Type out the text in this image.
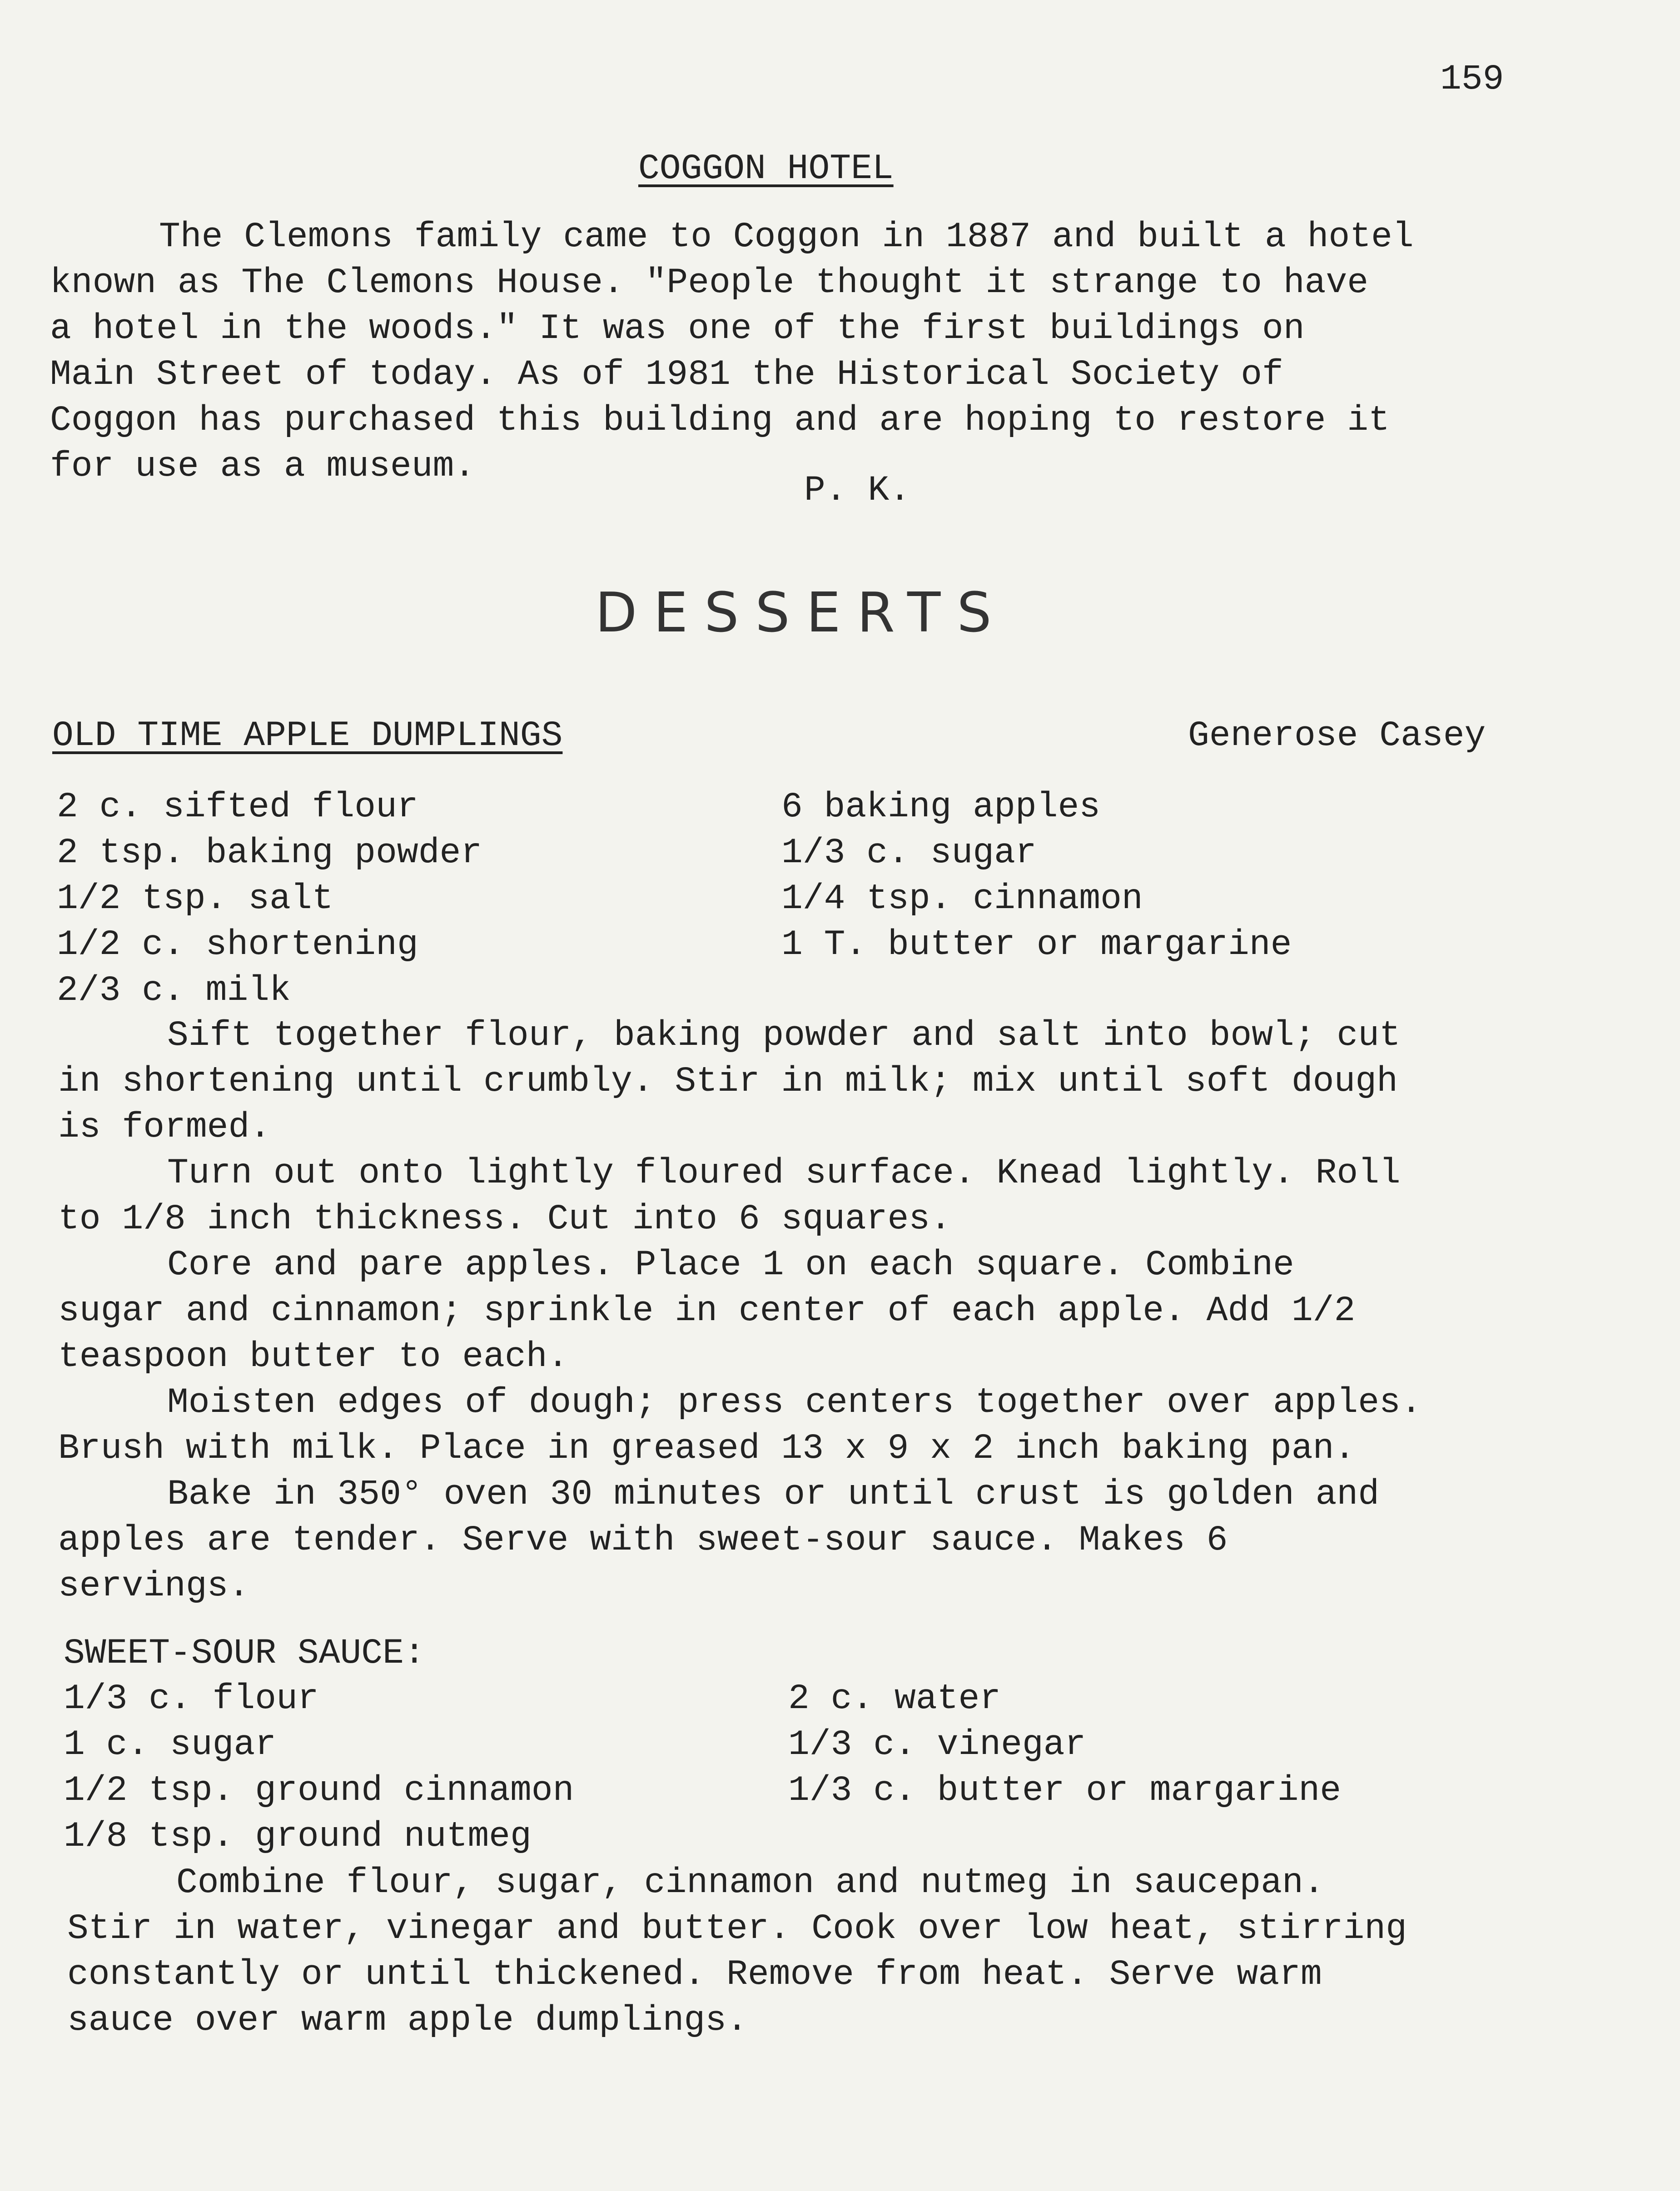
159
COGGON HOTEL
The Clemons family came to Coggon in 1887 and built a hotel
known as The Clemons House. "People thought it strange to have
a hotel in the woods." It was one of the first buildings on
Main Street of today. As of 1981 the Historical Society of
Coggon has purchased this building and are hoping to restore it
for use as a museum.
P. K.
DESSERTS
OLD TIME APPLE DUMPLINGS	Generose Casey
2 c. sifted flour
2 tsp. baking powder
1/2 tsp. salt
1/2 c. shortening
2/3 c. milk
6 baking apples
1/3 c. sugar
1/4 tsp. cinnamon
1 T. butter or margarine
Sift together flour, baking powder and salt into bowl; cut
in shortening until crumbly. Stir in milk; mix until soft dough
is formed.
Turn out onto lightly floured surface. Knead lightly. Roll
to 1/8 inch thickness. Cut into 6 squares.
Core and pare apples. Place 1 on each square. Combine
sugar and cinnamon; sprinkle in center of each apple. Add 1/2
teaspoon butter to each.
Moisten edges of dough; press centers together over apples.
Brush with milk. Place in greased 13 x 9 x 2 inch baking pan.
Bake in 350° oven 30 minutes or until crust is golden and
apples are tender. Serve with sweet-sour sauce. Makes 6
servings.
SWEET-SOUR SAUCE:
1/3 c. flour
1 c. sugar
1/2 tsp. ground cinnamon
1/8 tsp. ground nutmeg
2 c. water
1/3 c. vinegar
1/3 c. butter or margarine
Combine flour, sugar, cinnamon and nutmeg in saucepan.
Stir in water, vinegar and butter. Cook over low heat, stirring
constantly or until thickened. Remove from heat. Serve warm
sauce over warm apple dumplings.
